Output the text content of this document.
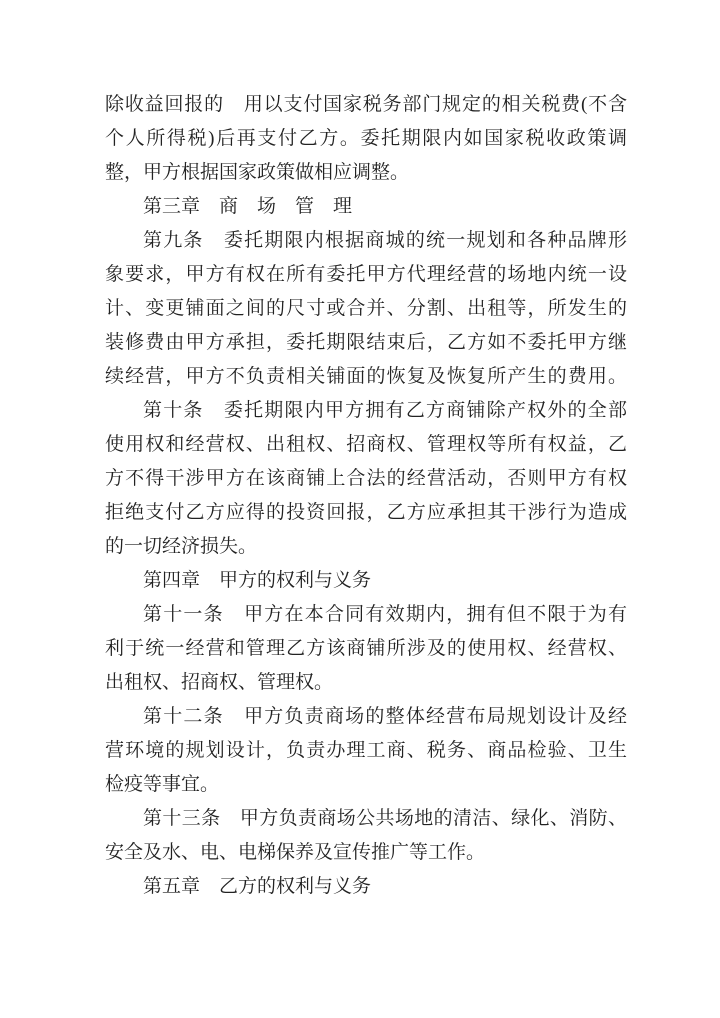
除收益回报的　用以支付国家税务部门规定的相关税费(不含
个人所得税)后再支付乙方。委托期限内如国家税收政策调
整，甲方根据国家政策做相应调整。
第三章　商　场　管　理
第九条　委托期限内根据商城的统一规划和各种品牌形
象要求，甲方有权在所有委托甲方代理经营的场地内统一设
计、变更铺面之间的尺寸或合并、分割、出租等，所发生的
装修费由甲方承担，委托期限结束后，乙方如不委托甲方继
续经营，甲方不负责相关铺面的恢复及恢复所产生的费用。
第十条　委托期限内甲方拥有乙方商铺除产权外的全部
使用权和经营权、出租权、招商权、管理权等所有权益，乙
方不得干涉甲方在该商铺上合法的经营活动，否则甲方有权
拒绝支付乙方应得的投资回报，乙方应承担其干涉行为造成
的一切经济损失。
第四章　甲方的权利与义务
第十一条　甲方在本合同有效期内，拥有但不限于为有
利于统一经营和管理乙方该商铺所涉及的使用权、经营权、
出租权、招商权、管理权。
第十二条　甲方负责商场的整体经营布局规划设计及经
营环境的规划设计，负责办理工商、税务、商品检验、卫生
检疫等事宜。
第十三条　甲方负责商场公共场地的清洁、绿化、消防、
安全及水、电、电梯保养及宣传推广等工作。
第五章　乙方的权利与义务
